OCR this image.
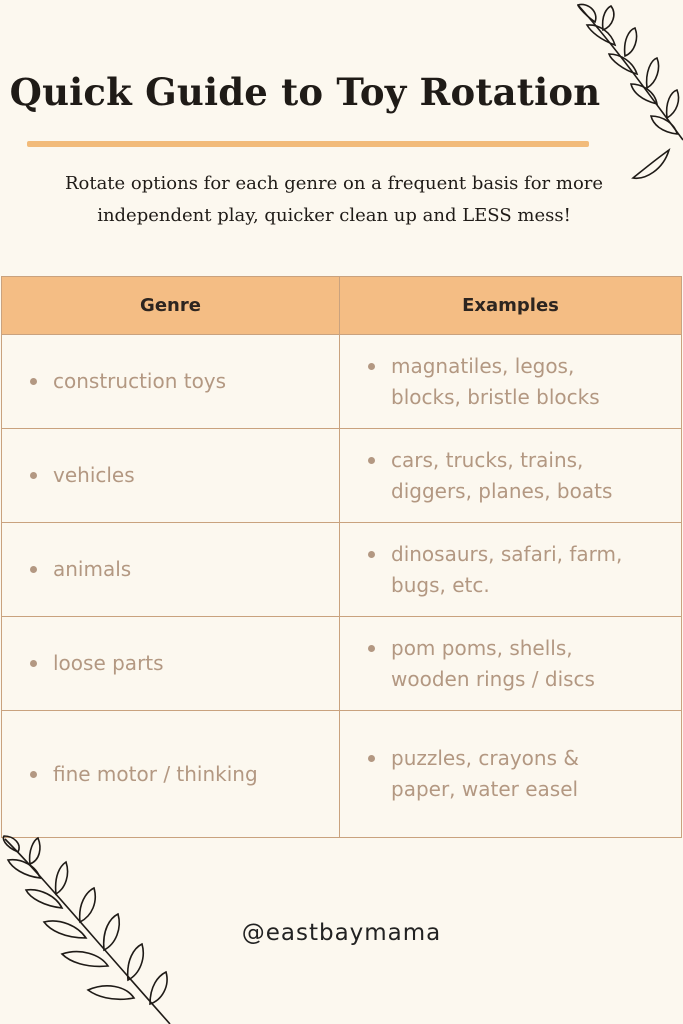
Quick Guide to Toy Rotation
Rotate options for each genre on a frequent basis for more
independent play, quicker clean up and LESS mess!
Genre	Examples
construction toys
magnatiles, legos,
blocks, bristle blocks
vehicles
cars, trucks, trains,
diggers, planes, boats
animals
dinosaurs, safari, farm,
bugs, etc.
loose parts
pom poms, shells,
wooden rings / discs
fine motor / thinking
puzzles, crayons &
paper, water easel
@eastbaymama
